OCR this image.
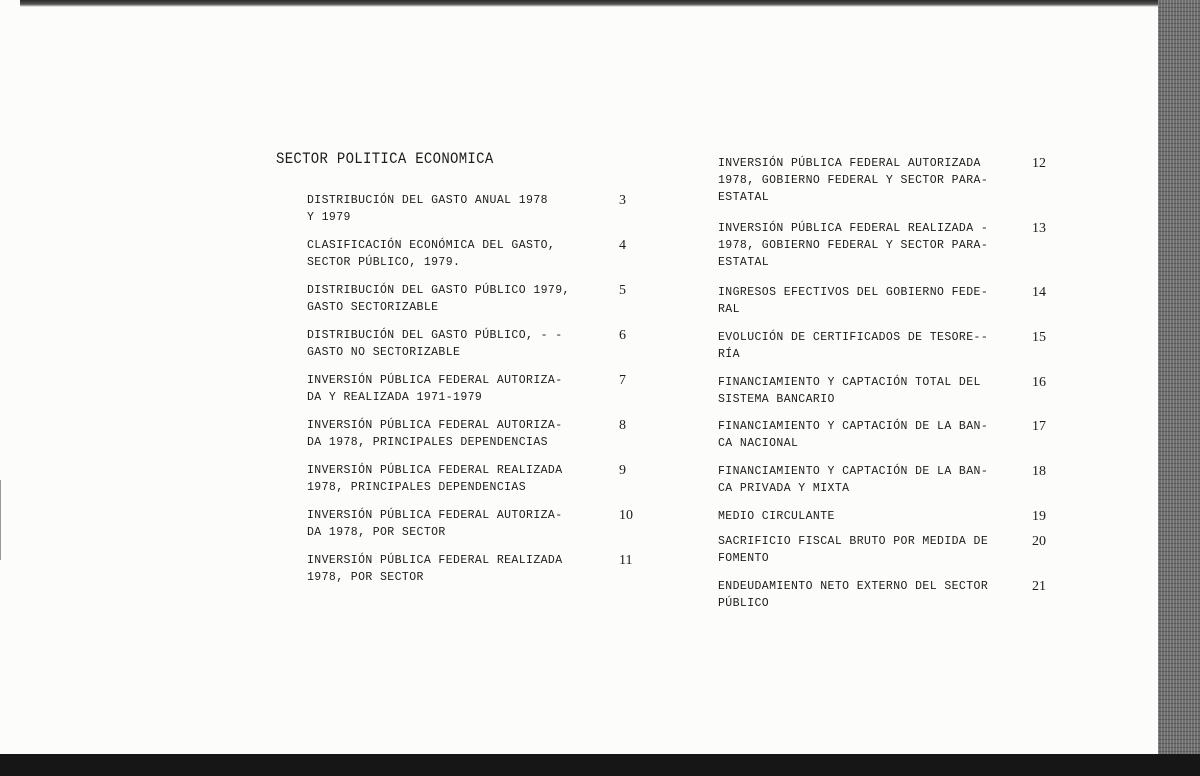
SECTOR POLITICA ECONOMICA
DISTRIBUCIÓN DEL GASTO ANUAL 1978
Y 1979
3
CLASIFICACIÓN ECONÓMICA DEL GASTO,
SECTOR PÚBLICO, 1979.
4
DISTRIBUCIÓN DEL GASTO PÚBLICO 1979,
GASTO SECTORIZABLE
5
DISTRIBUCIÓN DEL GASTO PÚBLICO, - -
GASTO NO SECTORIZABLE
6
INVERSIÓN PÚBLICA FEDERAL AUTORIZA-
DA Y REALIZADA 1971-1979
7
INVERSIÓN PÚBLICA FEDERAL AUTORIZA-
DA 1978, PRINCIPALES DEPENDENCIAS
8
INVERSIÓN PÚBLICA FEDERAL REALIZADA
1978, PRINCIPALES DEPENDENCIAS
9
INVERSIÓN PÚBLICA FEDERAL AUTORIZA-
DA 1978, POR SECTOR
10
INVERSIÓN PÚBLICA FEDERAL REALIZADA
1978, POR SECTOR
11
INVERSIÓN PÚBLICA FEDERAL AUTORIZADA
1978, GOBIERNO FEDERAL Y SECTOR PARA-
ESTATAL
12
INVERSIÓN PÚBLICA FEDERAL REALIZADA -
1978, GOBIERNO FEDERAL Y SECTOR PARA-
ESTATAL
13
INGRESOS EFECTIVOS DEL GOBIERNO FEDE-
RAL
14
EVOLUCIÓN DE CERTIFICADOS DE TESORE--
RÍA
15
FINANCIAMIENTO Y CAPTACIÓN TOTAL DEL
SISTEMA BANCARIO
16
FINANCIAMIENTO Y CAPTACIÓN DE LA BAN-
CA NACIONAL
17
FINANCIAMIENTO Y CAPTACIÓN DE LA BAN-
CA PRIVADA Y MIXTA
18
MEDIO CIRCULANTE	19
SACRIFICIO FISCAL BRUTO POR MEDIDA DE
FOMENTO
20
ENDEUDAMIENTO NETO EXTERNO DEL SECTOR
PÚBLICO
21
